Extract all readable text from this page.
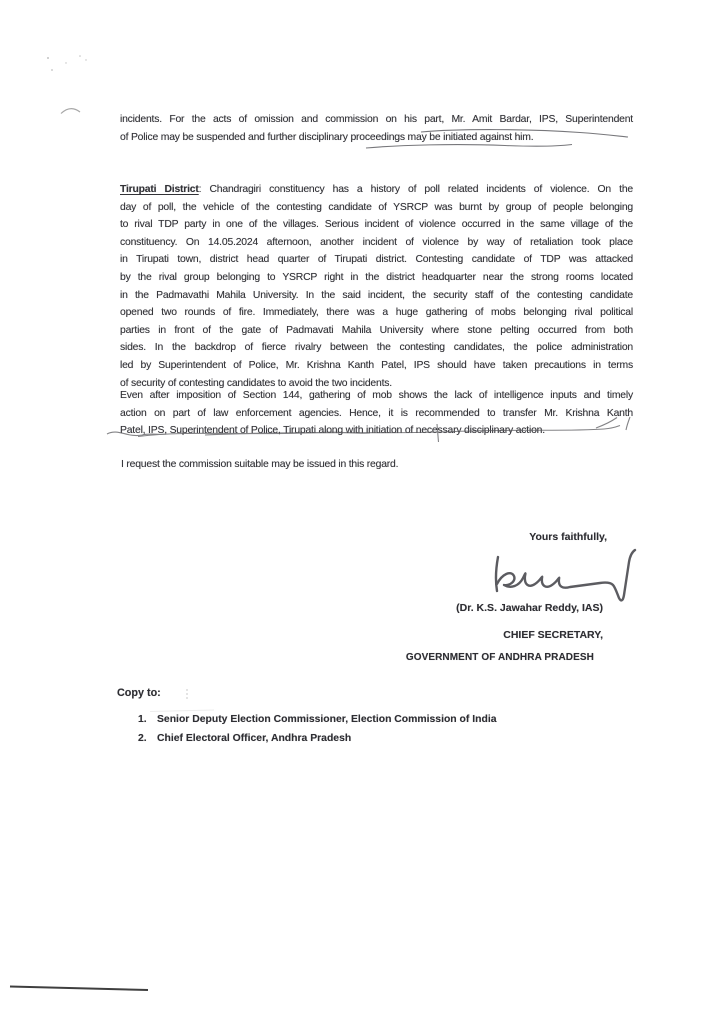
incidents. For the acts of omission and commission on his part, Mr. Amit Bardar, IPS, Superintendent
of Police may be suspended and further disciplinary proceedings may be initiated against him.
Tirupati District: Chandragiri constituency has a history of poll related incidents of violence. On the
day of poll, the vehicle of the contesting candidate of YSRCP was burnt by group of people belonging
to rival TDP party in one of the villages. Serious incident of violence occurred in the same village of the
constituency. On 14.05.2024 afternoon, another incident of violence by way of retaliation took place
in Tirupati town, district head quarter of Tirupati district. Contesting candidate of TDP was attacked
by the rival group belonging to YSRCP right in the district headquarter near the strong rooms located
in the Padmavathi Mahila University. In the said incident, the security staff of the contesting candidate
opened two rounds of fire. Immediately, there was a huge gathering of mobs belonging rival political
parties in front of the gate of Padmavati Mahila University where stone pelting occurred from both
sides. In the backdrop of fierce rivalry between the contesting candidates, the police administration
led by Superintendent of Police, Mr. Krishna Kanth Patel, IPS should have taken precautions in terms
of security of contesting candidates to avoid the two incidents.
Even after imposition of Section 144, gathering of mob shows the lack of intelligence inputs and timely
action on part of law enforcement agencies. Hence, it is recommended to transfer Mr. Krishna Kanth
Patel, IPS, Superintendent of Police, Tirupati along with initiation of necessary disciplinary action.
I request the commission suitable may be issued in this regard.
Yours faithfully,
(Dr. K.S. Jawahar Reddy, IAS)
CHIEF SECRETARY,
GOVERNMENT OF ANDHRA PRADESH
Copy to:
1. Senior Deputy Election Commissioner, Election Commission of India
2. Chief Electoral Officer, Andhra Pradesh
